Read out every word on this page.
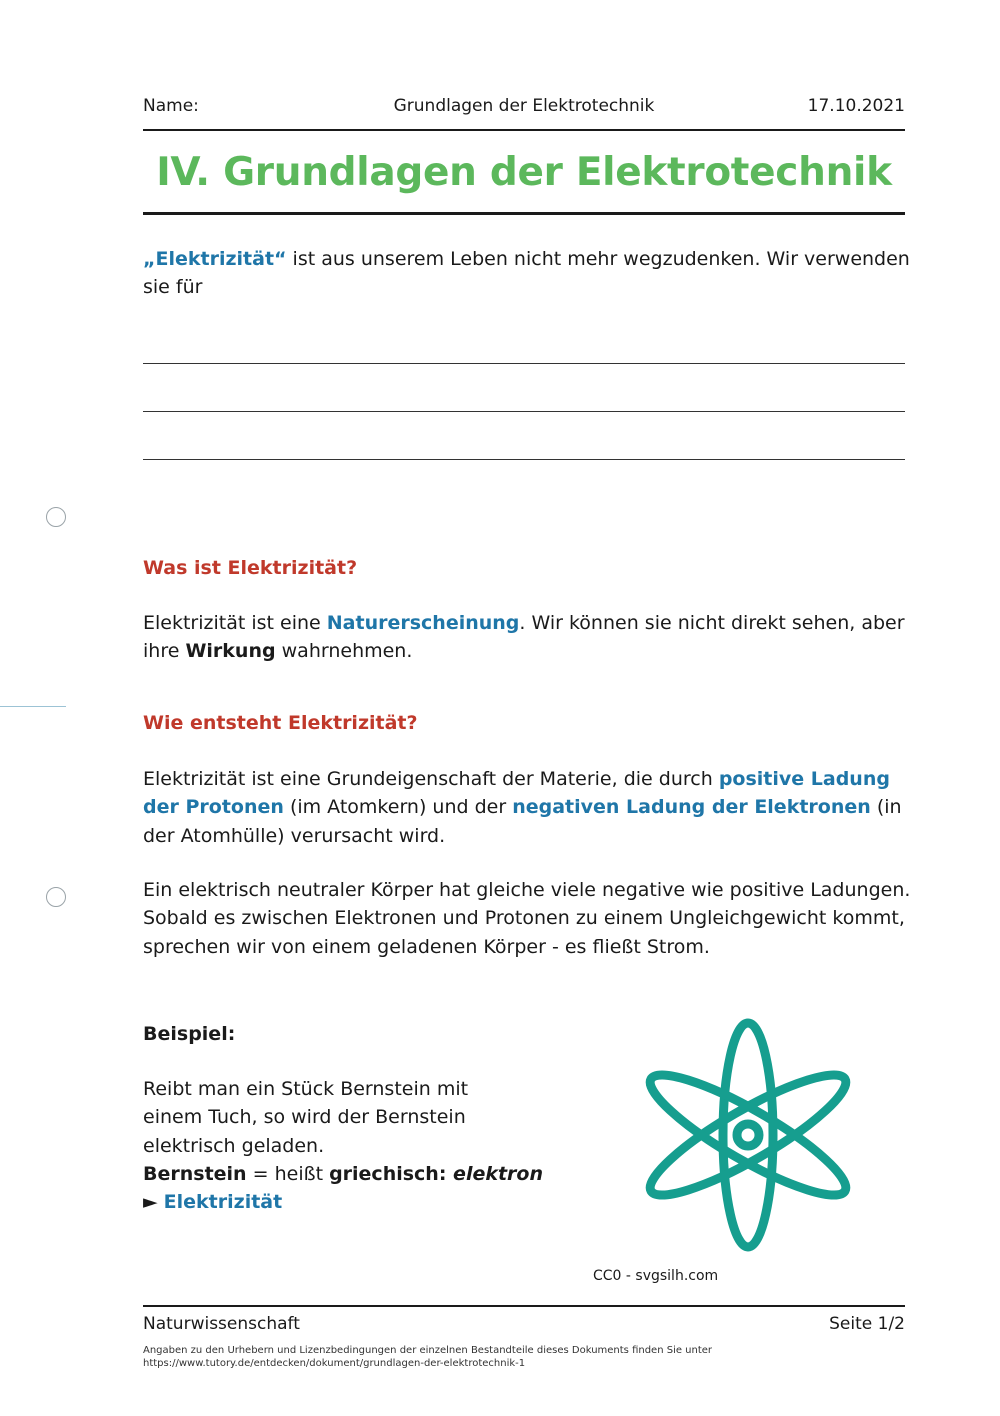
Name:	Grundlagen der Elektrotechnik	17.10.2021
IV. Grundlagen der Elektrotechnik
„Elektrizität“ ist aus unserem Leben nicht mehr wegzudenken. Wir verwenden
sie für
Was ist Elektrizität?
Elektrizität ist eine Naturerscheinung. Wir können sie nicht direkt sehen, aber
ihre Wirkung wahrnehmen.
Wie entsteht Elektrizität?
Elektrizität ist eine Grundeigenschaft der Materie, die durch positive Ladung der Protonen (im Atomkern) und der negativen Ladung der Elektronen (in der Atomhülle) verursacht wird.
Ein elektrisch neutraler Körper hat gleiche viele negative wie positive Ladungen.
Sobald es zwischen Elektronen und Protonen zu einem Ungleichgewicht kommt,
sprechen wir von einem geladenen Körper - es fließt Strom.
Beispiel:
Reibt man ein Stück Bernstein mit
einem Tuch, so wird der Bernstein
elektrisch geladen.
Bernstein = heißt griechisch: elektron
► Elektrizität
CC0 - svgsilh.com
Naturwissenschaft	Seite 1/2
Angaben zu den Urhebern und Lizenzbedingungen der einzelnen Bestandteile dieses Dokuments finden Sie unter
https://www.tutory.de/entdecken/dokument/grundlagen-der-elektrotechnik-1
